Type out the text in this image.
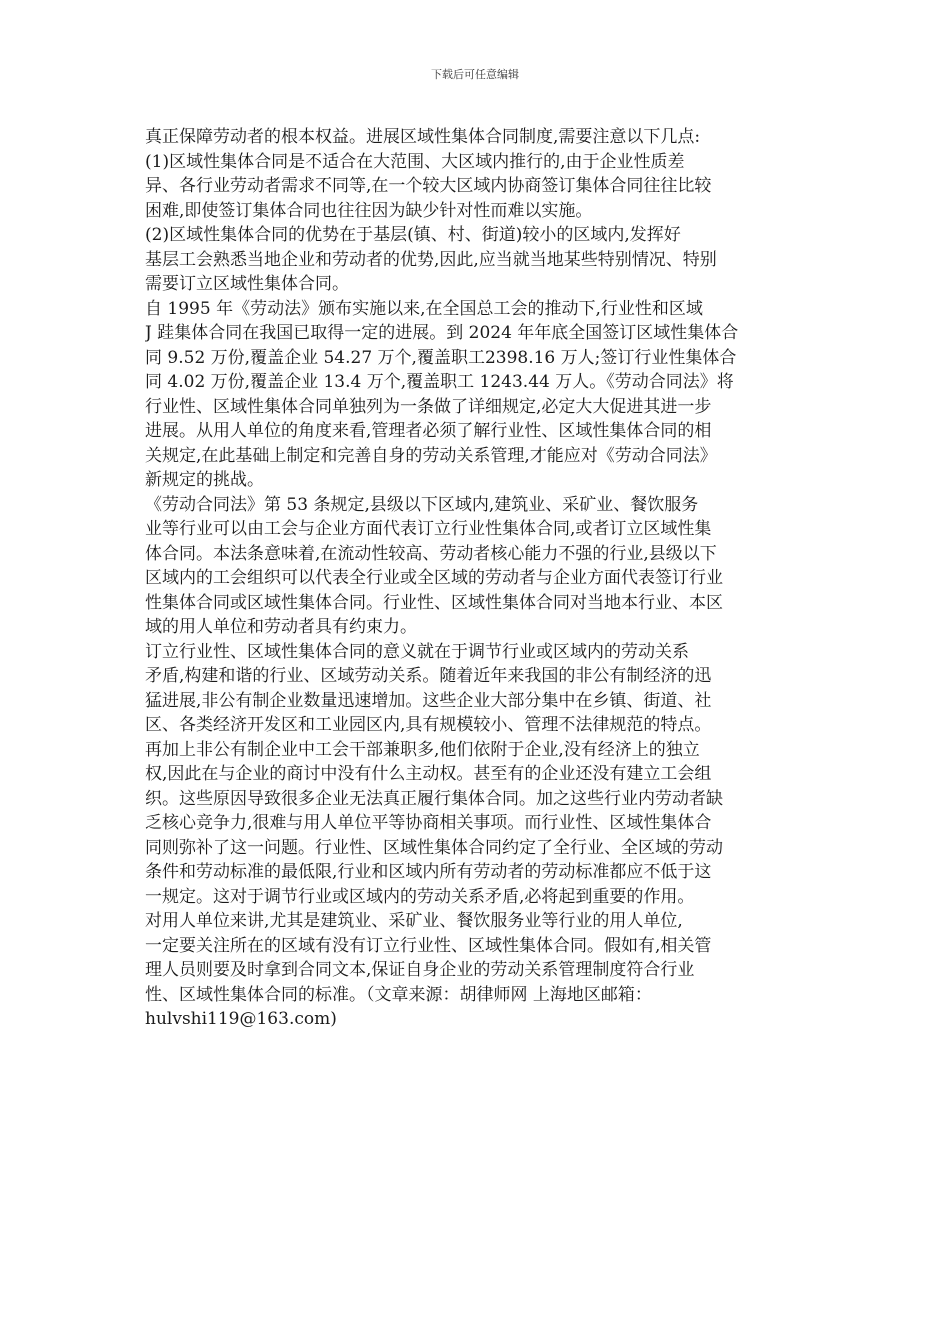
下载后可任意编辑
真正保障劳动者的根本权益。进展区域性集体合同制度,需要注意以下几点:
(1)区域性集体合同是不适合在大范围、大区域内推行的,由于企业性质差
异、各行业劳动者需求不同等,在一个较大区域内协商签订集体合同往往比较
困难,即使签订集体合同也往往因为缺少针对性而难以实施。
(2)区域性集体合同的优势在于基层(镇、村、街道)较小的区域内,发挥好
基层工会熟悉当地企业和劳动者的优势,因此,应当就当地某些特别情况、特别
需要订立区域性集体合同。
自 1995 年《劳动法》颁布实施以来,在全国总工会的推动下,行业性和区域
J 跬集体合同在我国已取得一定的进展。到 2024 年年底全国签订区域性集体合
同 9.52 万份,覆盖企业 54.27 万个,覆盖职工2398.16 万人;签订行业性集体合
同 4.02 万份,覆盖企业 13.4 万个,覆盖职工 1243.44 万人。《劳动合同法》将
行业性、区域性集体合同单独列为一条做了详细规定,必定大大促进其进一步
进展。从用人单位的角度来看,管理者必须了解行业性、区域性集体合同的相
关规定,在此基础上制定和完善自身的劳动关系管理,才能应对《劳动合同法》
新规定的挑战。
《劳动合同法》第 53 条规定,县级以下区域内,建筑业、采矿业、餐饮服务
业等行业可以由工会与企业方面代表订立行业性集体合同,或者订立区域性集
体合同。本法条意味着,在流动性较高、劳动者核心能力不强的行业,县级以下
区域内的工会组织可以代表全行业或全区域的劳动者与企业方面代表签订行业
性集体合同或区域性集体合同。行业性、区域性集体合同对当地本行业、本区
域的用人单位和劳动者具有约束力。
订立行业性、区域性集体合同的意义就在于调节行业或区域内的劳动关系
矛盾,构建和谐的行业、区域劳动关系。随着近年来我国的非公有制经济的迅
猛进展,非公有制企业数量迅速增加。这些企业大部分集中在乡镇、街道、社
区、各类经济开发区和工业园区内,具有规模较小、管理不法律规范的特点。
再加上非公有制企业中工会干部兼职多,他们依附于企业,没有经济上的独立
权,因此在与企业的商讨中没有什么主动权。甚至有的企业还没有建立工会组
织。这些原因导致很多企业无法真正履行集体合同。加之这些行业内劳动者缺
乏核心竞争力,很难与用人单位平等协商相关事项。而行业性、区域性集体合
同则弥补了这一问题。行业性、区域性集体合同约定了全行业、全区域的劳动
条件和劳动标准的最低限,行业和区域内所有劳动者的劳动标准都应不低于这
一规定。这对于调节行业或区域内的劳动关系矛盾,必将起到重要的作用。
对用人单位来讲,尤其是建筑业、采矿业、餐饮服务业等行业的用人单位,
一定要关注所在的区域有没有订立行业性、区域性集体合同。假如有,相关管
理人员则要及时拿到合同文本,保证自身企业的劳动关系管理制度符合行业
性、区域性集体合同的标准。（文章来源：胡律师网 上海地区邮箱：
hulvshi119@163.com)
